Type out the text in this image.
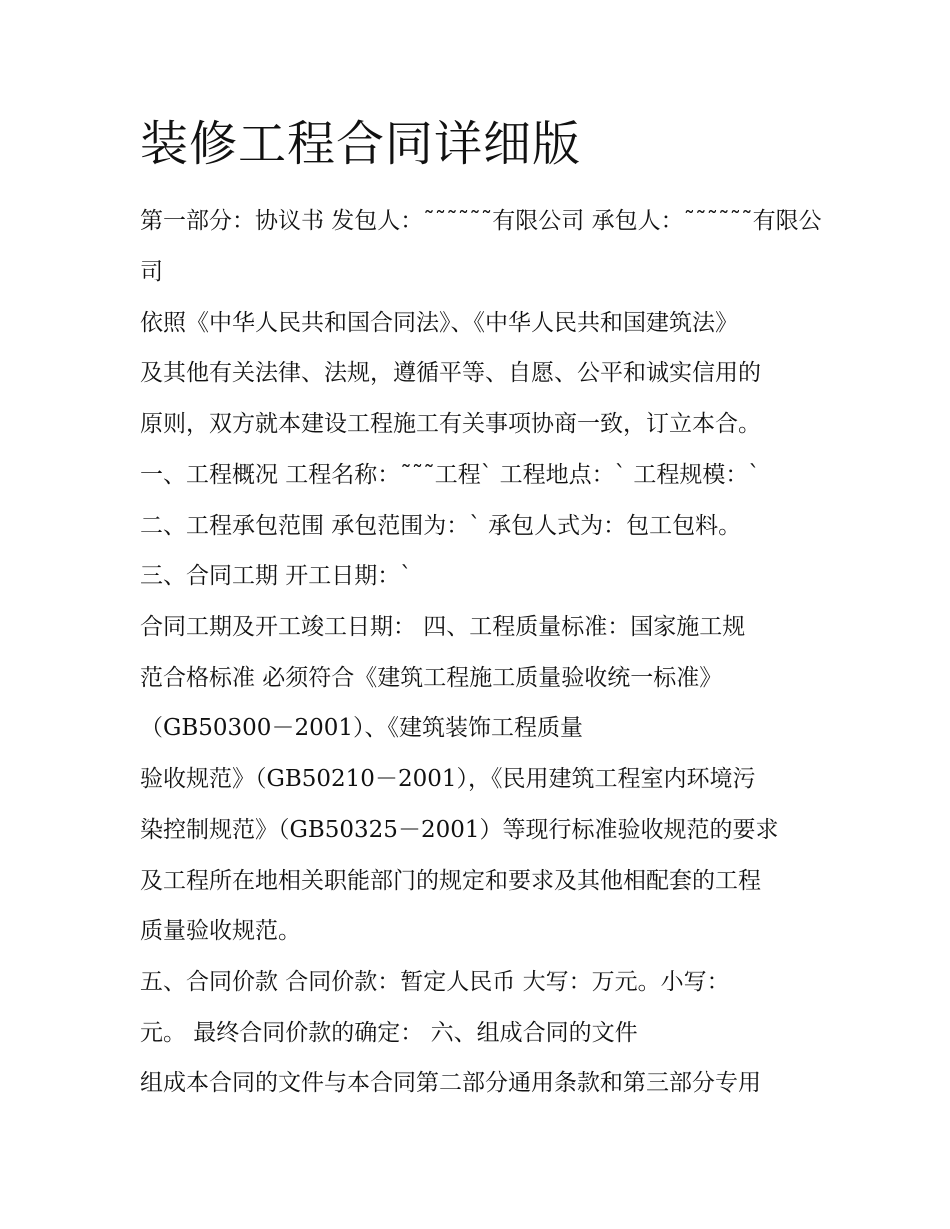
装修工程合同详细版

第一部分：协议书 发包人：˜˜˜˜˜˜有限公司 承包人：˜˜˜˜˜˜有限公

司

依照《中华人民共和国合同法》、《中华人民共和国建筑法》

及其他有关法律、法规，遵循平等、自愿、公平和诚实信用的

原则，双方就本建设工程施工有关事项协商一致，订立本合。

一、工程概况 工程名称：˜˜˜工程` 工程地点：` 工程规模：`

二、工程承包范围 承包范围为：` 承包人式为：包工包料。

三、合同工期 开工日期：`

合同工期及开工竣工日期： 四、工程质量标准：国家施工规

范合格标准 必须符合《建筑工程施工质量验收统一标准》

（GB50300－2001）、《建筑装饰工程质量

验收规范》（GB50210－2001），《民用建筑工程室内环境污

染控制规范》（GB50325－2001）等现行标准验收规范的要求

及工程所在地相关职能部门的规定和要求及其他相配套的工程

质量验收规范。

五、合同价款 合同价款：暂定人民币 大写：万元。小写：

元。 最终合同价款的确定： 六、组成合同的文件

组成本合同的文件与本合同第二部分通用条款和第三部分专用
